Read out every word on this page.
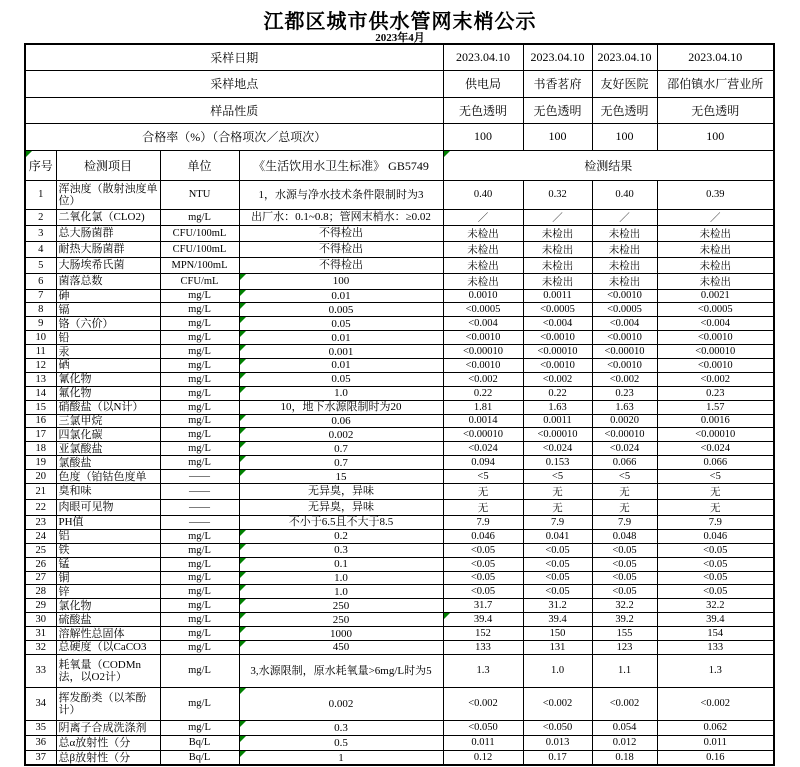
江都区城市供水管网末梢公示
2023年4月
采样日期				2023.04.10	2023.04.10	2023.04.10	2023.04.10
采样地点				供电局	书香茗府	友好医院	邵伯镇水厂营业所
样品性质				无色透明	无色透明	无色透明	无色透明
合格率（%）（合格项次／总项次）				100	100	100	100
序号	检测项目	单位	《生活饮用水卫生标准》 GB5749	检测结果			
1	浑浊度（散射浊度单位）	NTU	1，水源与净水技术条件限制时为3	0.40	0.32	0.40	0.39
2	二氧化氯（CLO2)	mg/L	出厂水：0.1~0.8；管网末梢水：≥0.02	／	／	／	／
3	总大肠菌群	CFU/100mL	不得检出	未检出	未检出	未检出	未检出
4	耐热大肠菌群	CFU/100mL	不得检出	未检出	未检出	未检出	未检出
5	大肠埃希氏菌	MPN/100mL	不得检出	未检出	未检出	未检出	未检出
6	菌落总数	CFU/mL	100	未检出	未检出	未检出	未检出
7	砷	mg/L	0.01	0.0010	0.0011	<0.0010	0.0021
8	镉	mg/L	0.005	<0.0005	<0.0005	<0.0005	<0.0005
9	铬（六价）	mg/L	0.05	<0.004	<0.004	<0.004	<0.004
10	铅	mg/L	0.01	<0.0010	<0.0010	<0.0010	<0.0010
11	汞	mg/L	0.001	<0.00010	<0.00010	<0.00010	<0.00010
12	硒	mg/L	0.01	<0.0010	<0.0010	<0.0010	<0.0010
13	氰化物	mg/L	0.05	<0.002	<0.002	<0.002	<0.002
14	氟化物	mg/L	1.0	0.22	0.22	0.23	0.23
15	硝酸盐（以N计）	mg/L	10，地下水源限制时为20	1.81	1.63	1.63	1.57
16	三氯甲烷	mg/L	0.06	0.0014	0.0011	0.0020	0.0016
17	四氯化碳	mg/L	0.002	<0.00010	<0.00010	<0.00010	<0.00010
18	亚氯酸盐	mg/L	0.7	<0.024	<0.024	<0.024	<0.024
19	氯酸盐	mg/L	0.7	0.094	0.153	0.066	0.066
20	色度（铂钴色度单	——	15	<5	<5	<5	<5
21	臭和味	——	无异臭，异味	无	无	无	无
22	肉眼可见物	——	无异臭，异味	无	无	无	无
23	PH值	——	不小于6.5且不大于8.5	7.9	7.9	7.9	7.9
24	铝	mg/L	0.2	0.046	0.041	0.048	0.046
25	铁	mg/L	0.3	<0.05	<0.05	<0.05	<0.05
26	锰	mg/L	0.1	<0.05	<0.05	<0.05	<0.05
27	铜	mg/L	1.0	<0.05	<0.05	<0.05	<0.05
28	锌	mg/L	1.0	<0.05	<0.05	<0.05	<0.05
29	氯化物	mg/L	250	31.7	31.2	32.2	32.2
30	硫酸盐	mg/L	250	39.4	39.4	39.2	39.4
31	溶解性总固体	mg/L	1000	152	150	155	154
32	总硬度（以CaCO3	mg/L	450	133	131	123	133
33	耗氧量（CODMn法，以O2计）	mg/L	3,水源限制，原水耗氧量>6mg/L时为5	1.3	1.0	1.1	1.3
34	挥发酚类（以苯酚计）	mg/L	0.002	<0.002	<0.002	<0.002	<0.002
35	阴离子合成洗涤剂	mg/L	0.3	<0.050	<0.050	0.054	0.062
36	总α放射性（分	Bq/L	0.5	0.011	0.013	0.012	0.011
37	总β放射性（分	Bq/L	1	0.12	0.17	0.18	0.16
